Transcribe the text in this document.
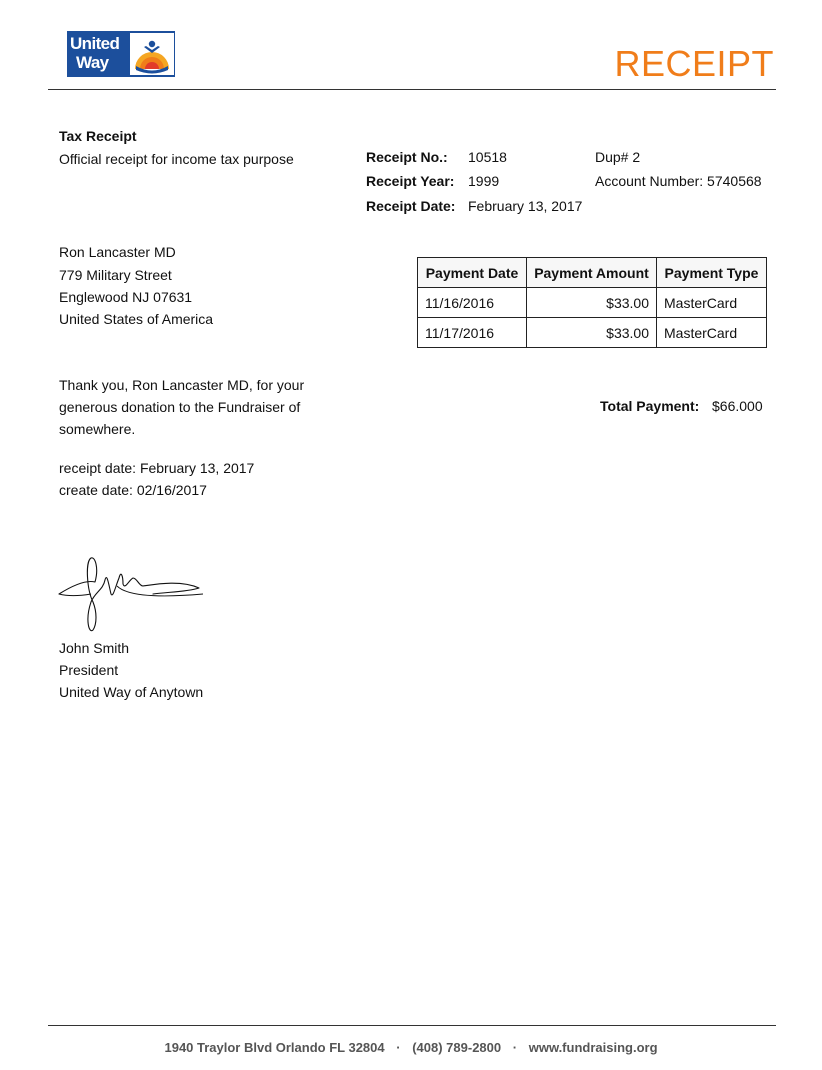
United
Way	RECEIPT
Tax Receipt
Official receipt for income tax purpose	Receipt No.: 10518	Dup# 2
Receipt Year: 1999	Account Number: 5740568
Receipt Date: February 13, 2017
Ron Lancaster MD
779 Military Street
Englewood NJ 07631
United States of America
Payment Date	Payment Amount	Payment Type
11/16/2016	$33.00	MasterCard
11/17/2016	$33.00	MasterCard
Thank you, Ron Lancaster MD, for your generous donation to the Fundraiser of somewhere.
Total Payment: $66.000
receipt date: February 13, 2017
create date: 02/16/2017
John Smith
President
United Way of Anytown
1940 Traylor Blvd Orlando FL 32804 · (408) 789-2800 · www.fundraising.org
